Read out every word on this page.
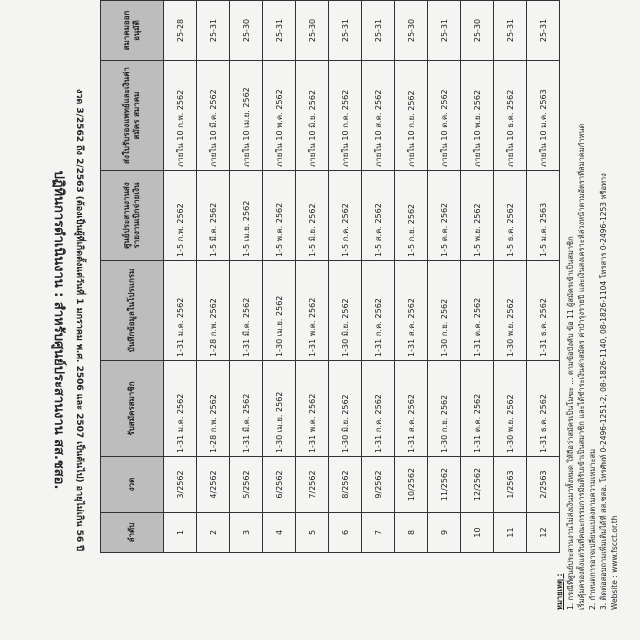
ปฏิทินการดำเนินงาน : สำหรับศูนย์ประสานงาน สส.ชสอ. งวด 3/2562 ถึง 2/2563 (ต้องเป็นผู้ที่เกิดตั้งแต่วันที่ 1 มกราคม พ.ศ. 2506 และ 2507 เป็นต้นไป) อายุไม่เกิน 56 ปี	ลำดับ	งวด	รับสมัครสมาชิก	บันทึกข้อมูลในโปรแกรม	ศูนย์ประสานงานส่งรายงานเบิกจ่ายเงิน	ส่งใบรับรองแพทย์และเงินค่าสมัคร สมาคม	สมาคมออก อนุมัติ
1	3/2562	1-31 ม.ค. 2562	1-31 ม.ค. 2562	1-5 ก.พ. 2562	ภายใน 10 ก.พ. 2562	25-28
2	4/2562	1-28 ก.พ. 2562	1-28 ก.พ. 2562	1-5 มี.ค. 2562	ภายใน 10 มี.ค. 2562	25-31
3	5/2562	1-31 มี.ค. 2562	1-31 มี.ค. 2562	1-5 เม.ย. 2562	ภายใน 10 เม.ย. 2562	25-30
4	6/2562	1-30 เม.ย. 2562	1-30 เม.ย. 2562	1-5 พ.ค. 2562	ภายใน 10 พ.ค. 2562	25-31
5	7/2562	1-31 พ.ค. 2562	1-31 พ.ค. 2562	1-5 มิ.ย. 2562	ภายใน 10 มิ.ย. 2562	25-30
6	8/2562	1-30 มิ.ย. 2562	1-30 มิ.ย. 2562	1-5 ก.ค. 2562	ภายใน 10 ก.ค. 2562	25-31
7	9/2562	1-31 ก.ค. 2562	1-31 ก.ค. 2562	1-5 ส.ค. 2562	ภายใน 10 ส.ค. 2562	25-31
8	10/2562	1-31 ส.ค. 2562	1-31 ส.ค. 2562	1-5 ก.ย. 2562	ภายใน 10 ก.ย. 2562	25-30
9	11/2562	1-30 ก.ย. 2562	1-30 ก.ย. 2562	1-5 ต.ค. 2562	ภายใน 10 ต.ค. 2562	25-31
10	12/2562	1-31 ต.ค. 2562	1-31 ต.ค. 2562	1-5 พ.ย. 2562	ภายใน 10 พ.ย. 2562	25-30
11	1/2563	1-30 พ.ย. 2562	1-30 พ.ย. 2562	1-5 ธ.ค. 2562	ภายใน 10 ธ.ค. 2562	25-31
12	2/2563	1-31 ธ.ค. 2562	1-31 ธ.ค. 2562	1-5 ม.ค. 2563	ภายใน 10 ม.ค. 2563	25-31
หมายเหตุ : 1. กรณีที่ศูนย์ประสานงานไม่ส่งเงินมาทั้งหมด ให้ถือว่าสมัครเป็นโมฆะ ... ตามข้อบังคับ ข้อ 11 ผู้สมัครเข้าเป็นสมาชิก เริ่มคุ้มครองตั้งแต่วันที่คณะกรรมการมีมติรับเข้าเป็นสมาชิก และได้ชำระเงินค่าสมัคร ค่าบำรุงรายปี และเงินสงเคราะห์ล่วงหน้าตามอัตราที่สมาคมกำหนด 2. กำหนดการอาจเปลี่ยนแปลงตามความเหมาะสม 3. ติดต่อสอบถามเพิ่มเติมได้ที่ สส.ชสอ. โทรศัพท์ 0-2496-1251-2, 08-1826-1140, 08-1826-1104 โทรสาร 0-2496-1253 หรือทาง Website : www.fscct.or.th
